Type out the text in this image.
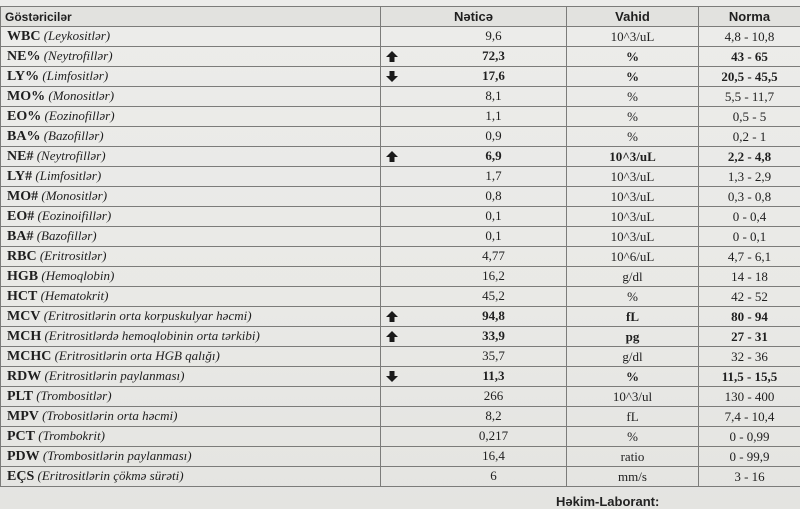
Göstəricilər	Nəticə	Vahid	Norma
WBC (Leykositlər)	9,6	10^3/uL	4,8 - 10,8
NE% (Neytrofillər)	72,3	%	43 - 65
LY% (Limfositlər)	17,6	%	20,5 - 45,5
MO% (Monositlər)	8,1	%	5,5 - 11,7
EO% (Eozinofillər)	1,1	%	0,5 - 5
BA% (Bazofillər)	0,9	%	0,2 - 1
NE# (Neytrofillər)	6,9	10^3/uL	2,2 - 4,8
LY# (Limfositlər)	1,7	10^3/uL	1,3 - 2,9
MO# (Monositlər)	0,8	10^3/uL	0,3 - 0,8
EO# (Eozinoifillər)	0,1	10^3/uL	0 - 0,4
BA# (Bazofillər)	0,1	10^3/uL	0 - 0,1
RBC (Eritrositlər)	4,77	10^6/uL	4,7 - 6,1
HGB (Hemoqlobin)	16,2	g/dl	14 - 18
HCT (Hematokrit)	45,2	%	42 - 52
MCV (Eritrositlərin orta korpuskulyar həcmi)	94,8	fL	80 - 94
MCH (Eritrositlərdə hemoqlobinin orta tərkibi)	33,9	pg	27 - 31
MCHC (Eritrositlərin orta HGB qalığı)	35,7	g/dl	32 - 36
RDW (Eritrositlərin paylanması)	11,3	%	11,5 - 15,5
PLT (Trombositlər)	266	10^3/ul	130 - 400
MPV (Trobositlərin orta həcmi)	8,2	fL	7,4 - 10,4
PCT (Trombokrit)	0,217	%	0 - 0,99
PDW (Trombositlərin paylanması)	16,4	ratio	0 - 99,9
EÇS (Eritrositlərin çökmə sürəti)	6	mm/s	3 - 16
Həkim-Laborant:
